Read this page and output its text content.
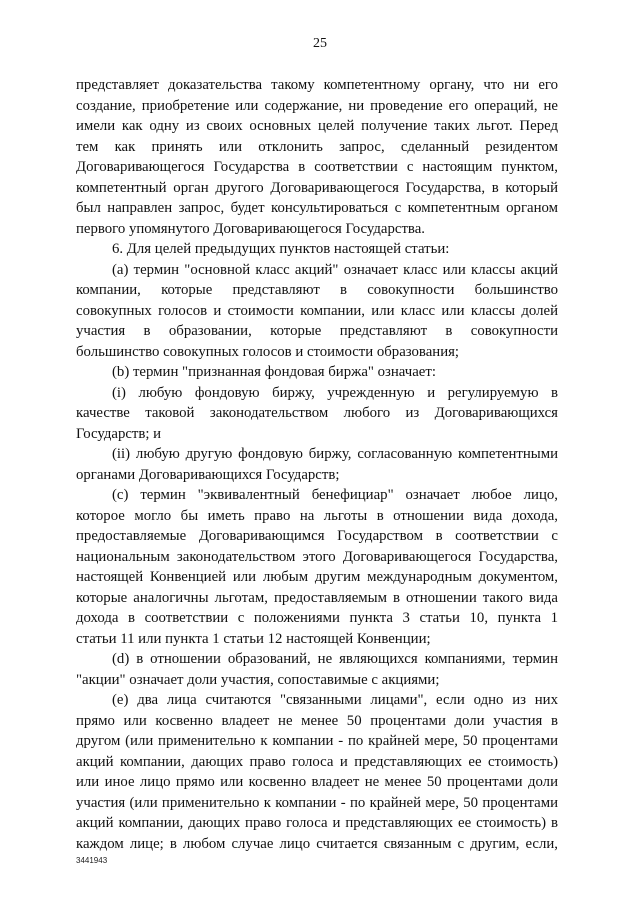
25

представляет доказательства такому компетентному органу, что ни его

создание, приобретение или содержание, ни проведение его операций, не

имели как одну из своих основных целей получение таких льгот. Перед

тем как принять или отклонить запрос, сделанный резидентом

Договаривающегося Государства в соответствии с настоящим пунктом,

компетентный орган другого Договаривающегося Государства, в который

был направлен запрос, будет консультироваться с компетентным органом

первого упомянутого Договаривающегося Государства.

6. Для целей предыдущих пунктов настоящей статьи:

(а) термин "основной класс акций" означает класс или классы акций

компании, которые представляют в совокупности большинство

совокупных голосов и стоимости компании, или класс или классы долей

участия в образовании, которые представляют в совокупности

большинство совокупных голосов и стоимости образования;

(b) термин "признанная фондовая биржа" означает:

(i) любую фондовую биржу, учрежденную и регулируемую в

качестве таковой законодательством любого из Договаривающихся

Государств; и

(ii) любую другую фондовую биржу, согласованную компетентными

органами Договаривающихся Государств;

(с) термин "эквивалентный бенефициар" означает любое лицо,

которое могло бы иметь право на льготы в отношении вида дохода,

предоставляемые Договаривающимся Государством в соответствии с

национальным законодательством этого Договаривающегося Государства,

настоящей Конвенцией или любым другим международным документом,

которые аналогичны льготам, предоставляемым в отношении такого вида

дохода в соответствии с положениями пункта 3 статьи 10, пункта 1

статьи 11 или пункта 1 статьи 12 настоящей Конвенции;

(d) в отношении образований, не являющихся компаниями, термин

"акции" означает доли участия, сопоставимые с акциями;

(е) два лица считаются "связанными лицами", если одно из них

прямо или косвенно владеет не менее 50 процентами доли участия в

другом (или применительно к компании - по крайней мере, 50 процентами

акций компании, дающих право голоса и представляющих ее стоимость)

или иное лицо прямо или косвенно владеет не менее 50 процентами доли

участия (или применительно к компании - по крайней мере, 50 процентами

акций компании, дающих право голоса и представляющих ее стоимость) в

каждом лице; в любом случае лицо считается связанным с другим, если,

3441943
